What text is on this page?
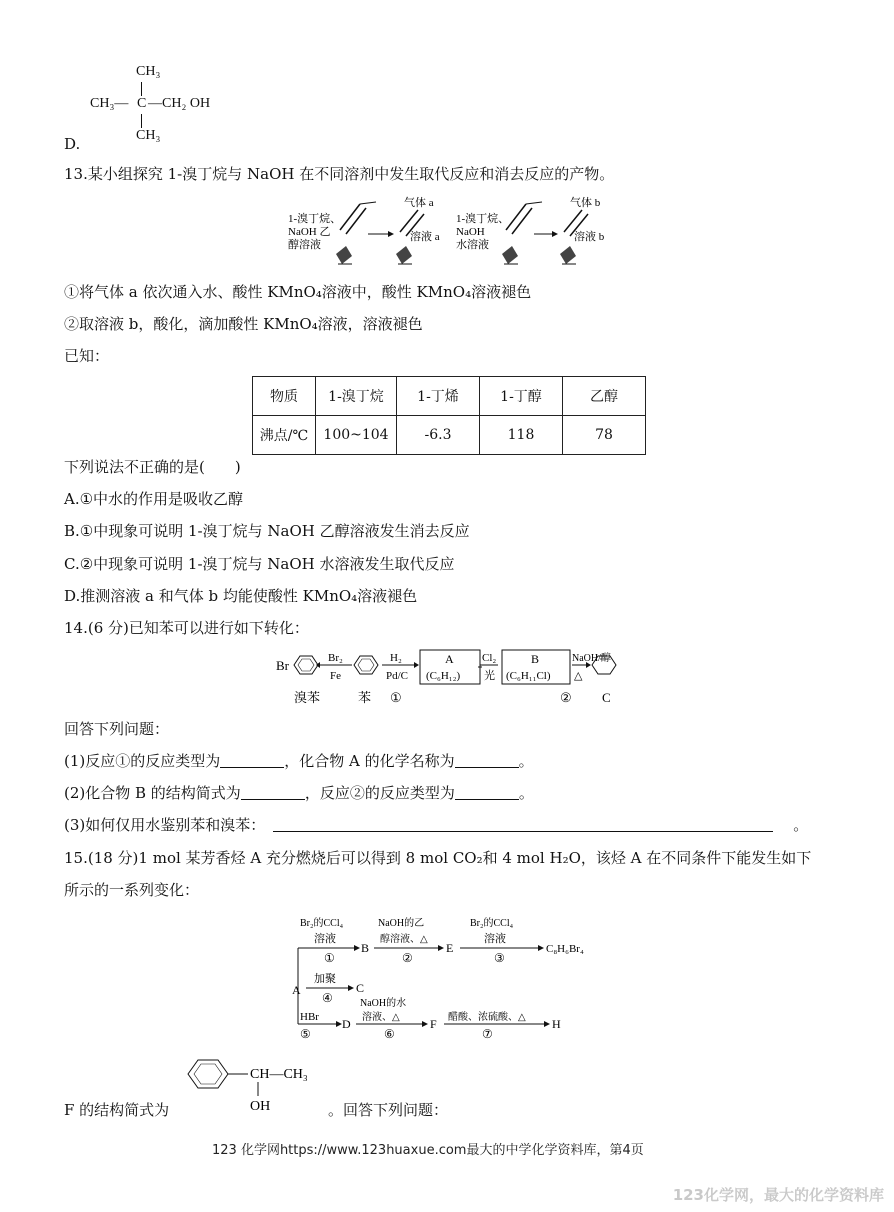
CH₃
CH₃— C —CH₂ OH
CH₃
D.
13.某小组探究 1-溴丁烷与 NaOH 在不同溶剂中发生取代反应和消去反应的产物。
1-溴丁烷、
NaOH 乙
醇溶液
气体 a
溶液 a
1-溴丁烷、
NaOH
水溶液
气体 b
溶液 b
①将气体 a 依次通入水、酸性 KMnO₄溶液中，酸性 KMnO₄溶液褪色
②取溶液 b，酸化，滴加酸性 KMnO₄溶液，溶液褪色
已知：
物质	1-溴丁烷	1-丁烯	1-丁醇	乙醇
沸点/℃	100~104	-6.3	118	78
下列说法不正确的是(　　)
A.①中水的作用是吸收乙醇
B.①中现象可说明 1-溴丁烷与 NaOH 乙醇溶液发生消去反应
C.②中现象可说明 1-溴丁烷与 NaOH 水溶液发生取代反应
D.推测溶液 a 和气体 b 均能使酸性 KMnO₄溶液褪色
14.(6 分)已知苯可以进行如下转化：
Br	Br₂
Fe
H₂
Pd/C
A
(C₆H₁₂)
Cl₂
光
B
(C₆H₁₁Cl)
NaOH/醇
△
溴苯	苯 ①	② C
回答下列问题：
(1)反应①的反应类型为	，化合物 A 的化学名称为	。
(2)化合物 B 的结构简式为	，反应②的反应类型为	。
(3)如何仅用水鉴别苯和溴苯：	。
15.(18 分)1 mol 某芳香烃 A 充分燃烧后可以得到 8 mol CO₂和 4 mol H₂O，该烃 A 在不同条件下能发生如下
所示的一系列变化：
Br₂的CCl₄
溶液
①
B
NaOH的乙
醇溶液、△
②
E
Br₂的CCl₄
溶液
③
C₈H₆Br₄
A
加聚
④
C
HBr
⑤
D
NaOH的水
溶液、△
⑥
F 醋酸、浓硫酸、△
⑦
H
F 的结构简式为
CH—CH₃
OH	。回答下列问题：
123 化学网https://www.123huaxue.com最大的中学化学资料库，第4页
123化学网，最大的化学资料库
